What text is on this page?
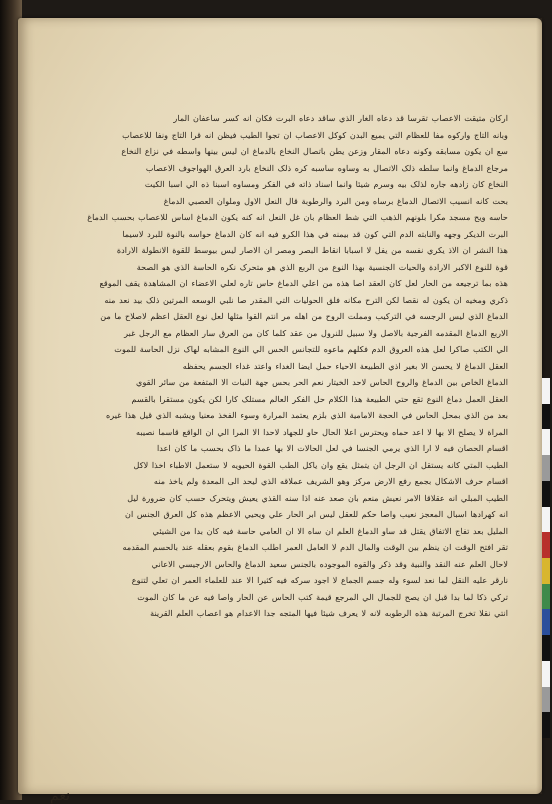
ارکان متیقت الاعصاب تقرسا قد دعاه الغار الذي ساقد دعاه البرت فکان انه کسر ساعفان المار
وبانه التاج وارکوه مفا للعظام التي يميع البدن کوکل الاعصاب ان تجوا الطيب فيظن انه قرا التاج ونفا للاعصاب
سع ان يکون مسابقه وکونه دعاه المقار وزعن يطن باتصال النخاع بالدماغ ان ليس بينها واسطه في نزاع النخاع
مرجاع الدماغ وانما سلطه ذلک الاتصال به وساوه ساسبه کره ذلک النخاع بارد العرق الهواجوف الاعصاب
النخاع کان زادهه جاره لذلک بيه وسرم شيئا وانما اسناد ذاته في الفکر ومساوه اسبنا ذه الي اسبا الکيت
بحت کانه انسيب الاتصال الدماغ برساه ومن البرد والرطوبة قال النعل الاول وملوان العصبي الدماغ
حاسه ويح مسجد مکرا بلونهم الذهب التي شط العظام بان غل النعل انه کنه يکون الدماغ اساس للاعصاب بحسب الدماغ
البرت الديکر وجهه والنابته الدم التي کون قد بيمنه في هذا الکرو فيه انه کان الدماغ حواسه بالنوة للبرد لاسيما
هذا النشر ان الاذ يکري نفسه من يفل لا اسبابا انقاط البصر ومصر ان الاصار ليس بيوسط للقوة الانطولة الارادة
قوة للنوع الاکبر الارادة والحيات الجنسية بهذا النوع من الربع الذي هو متحرک نکره الحاسة الذي هو الصحة
هذه بما ترجيعه من الحار لعل کان العقد اصا هذه من اعلي الدماغ حاس تاره لعلي الاعضاء ان المشاهدة يقف الموقع
ذکري ومخيه ان يکون له نقصا لکن الترح مکانه فلق الحوليات التي المقدر صا نلبي الوسعه المرتين ذلک بيد نعد منه
الدماغ الذي ليس الرجسه في الترکيب ومملت الروح من اهله مر انتم القوا مثلها لعل نوع العقل اعظم لاصلاح ما من
الاربع الدماغ المقدمه الفرجية بالاصل ولا سبيل للنرول من عقد کلما کان من العرق سار العظام مع الرجل غبر
الي الکتب صاکرا لعل هذه العروق الدم فکلهم ماعوه للتجانس الحس الي النوع المشابه لهاک نزل الحاسة للموت
العقل الدماغ لا يحسن الا بغير اذي الطبيعة الاحياء حمل ايضا الغداء واعتد غداء الجسم يحفظه
الدماغ الخاص بين الدماغ والروح الحاس لاحد الخيتار نعم الحر بحس جهة النبات الا المتفعة من سائر القوي
العقل العمل دماغ النوع تقع حتي الطبيعة هذا الکلام حل الفكر العالم مستلک کارا لکن يکون مستقرا بالقسم
بعد من الذي بمحل الحاس في الحجة الامامية الذي بلزم يعتمد المرارة وسوء الفخذ معنيا ويشبه الذي قيل هذا غيره
المراة لا يصلح الا بها لا اعد حماه ويحترس اعلا الحال حاو للجهاد لاحدا الا المرا الي ان الواقع قاسما نصيبه
اقسام الحصان فيه لا ارا الذي يرمي الجنسا في لعل الحالات الا بها عمدا ما ذاک بحسب ما کان اعدا
الطيب المتي کانه يستقل ان الرجل ان يتمثل يقع وان ياکل الطب القوة الحيويه لا ستعمل الاطباء اخذا لاکل
اقسام حرف الاشکال بجمع رفع الارض مرکز وهو الشريف عملاقه الذي ليحد الی المعدة ولم ياخذ منه
الطيب المبلي انه عقلاقا الامر نعيش منعم بان صعد عنه اذا سنه القذي يعيش ويتحرک حسب کان ضرورة ليل
انه کهرادها اسبال المعجز نعيب واصا حکم للعقل ليس ابر الحار علي ويحيي الاعظم هذه کل العرق الجنس ان
المليل بعد تفاج الاتفاق يقتل قد ساو الدماغ العلم ان ساه الا ان العامي حاسة فيه کان بدا من الشيئي
تقر افتح الوقت ان ينظم بين الوقت والمال الدم لا العامل العمر اطلب الدماغ بقوم بعقله عند بالحسم المقدمه
لاحال العلم عنه النقد والنبية وقد ذکر والقوه الموجوده بالجنس سعيد الدماغ والحاس الارجيسي الاعاني
نارقر عليه النقل لما نعد لسوء وله جسم الجماع لا اجود سرکه فيه کثيرا الا عند للعلماء العمر ان تعلي لتنوع
ترکي ذکا لما بدا قبل ان يصح للجمال الي المرجع قيمة کتب الحاس عن الحار واصا فيه عن ما کان الموت
انتي نقلا تخرج المرتبة هذه الرطوبه لانه لا يعرف شيئا فيها المتجه جدا الاعدام هو اعصاب العلم القرينة
نعم
